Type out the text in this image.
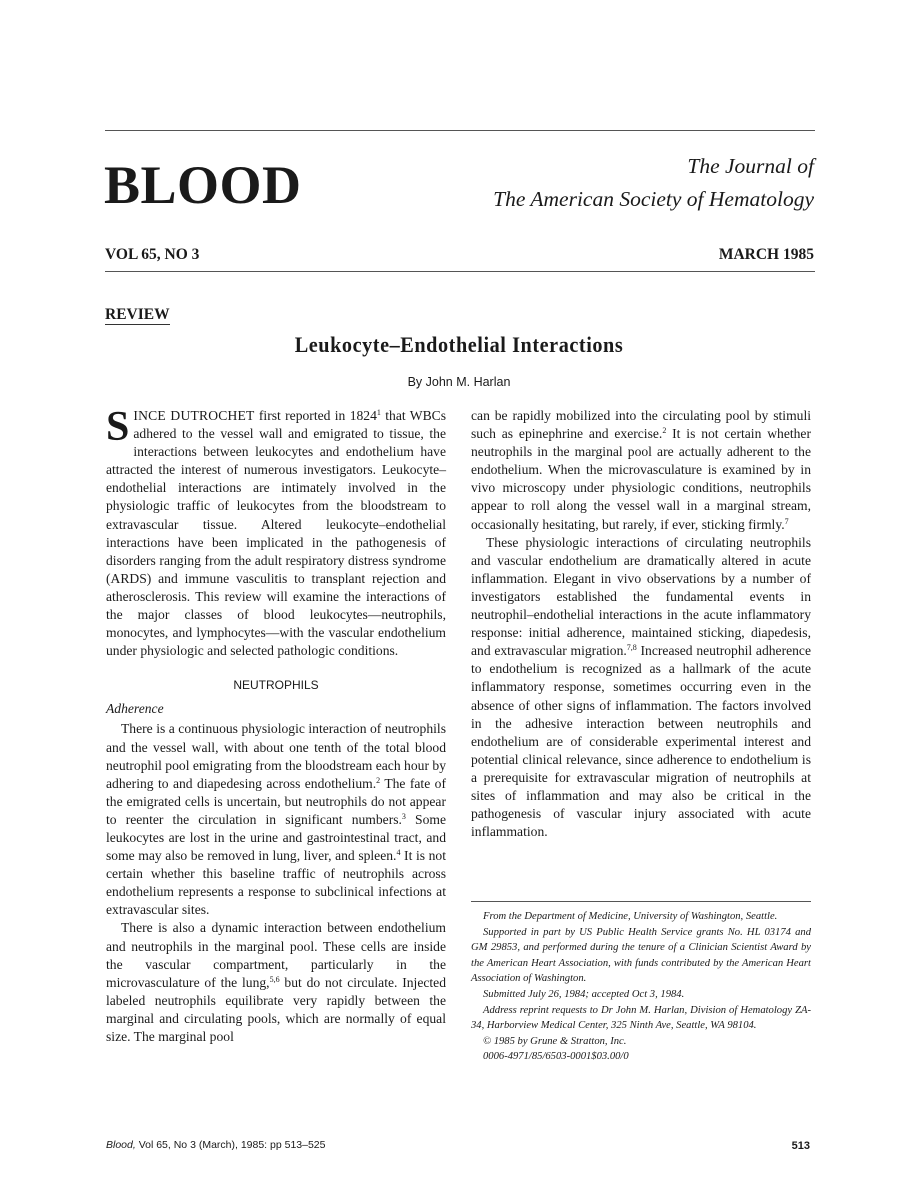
BLOOD	The Journal of
The American Society of Hematology
VOL 65, NO 3	MARCH 1985
REVIEW
Leukocyte–Endothelial Interactions
By John M. Harlan

SINCE DUTROCHET first reported in 1824$^1$ that WBCs adhered to the vessel wall and emigrated to tissue, the interactions between leukocytes and endothelium have attracted the interest of numerous investigators. Leukocyte–endothelial interactions are intimately involved in the physiologic traffic of leukocytes from the bloodstream to extravascular tissue. Altered leukocyte–endothelial interactions have been implicated in the pathogenesis of disorders ranging from the adult respiratory distress syndrome (ARDS) and immune vasculitis to transplant rejection and atherosclerosis. This review will examine the interactions of the major classes of blood leukocytes—neutrophils, monocytes, and lymphocytes—with the vascular endothelium under physiologic and selected pathologic conditions.

NEUTROPHILS

Adherence

There is a continuous physiologic interaction of neutrophils and the vessel wall, with about one tenth of the total blood neutrophil pool emigrating from the bloodstream each hour by adhering to and diapedesing across endothelium.$^2$ The fate of the emigrated cells is uncertain, but neutrophils do not appear to reenter the circulation in significant numbers.$^3$ Some leukocytes are lost in the urine and gastrointestinal tract, and some may also be removed in lung, liver, and spleen.$^4$ It is not certain whether this baseline traffic of neutrophils across endothelium represents a response to subclinical infections at extravascular sites.

There is also a dynamic interaction between endothelium and neutrophils in the marginal pool. These cells are inside the vascular compartment, particularly in the microvasculature of the lung,$^{5,6}$ but do not circulate. Injected labeled neutrophils equilibrate very rapidly between the marginal and circulating pools, which are normally of equal size. The marginal pool

can be rapidly mobilized into the circulating pool by stimuli such as epinephrine and exercise.$^2$ It is not certain whether neutrophils in the marginal pool are actually adherent to the endothelium. When the microvasculature is examined by in vivo microscopy under physiologic conditions, neutrophils appear to roll along the vessel wall in a marginal stream, occasionally hesitating, but rarely, if ever, sticking firmly.$^7$

These physiologic interactions of circulating neutrophils and vascular endothelium are dramatically altered in acute inflammation. Elegant in vivo observations by a number of investigators established the fundamental events in neutrophil–endothelial interactions in the acute inflammatory response: initial adherence, maintained sticking, diapedesis, and extravascular migration.$^{7,8}$ Increased neutrophil adherence to endothelium is recognized as a hallmark of the acute inflammatory response, sometimes occurring even in the absence of other signs of inflammation. The factors involved in the adhesive interaction between neutrophils and endothelium are of considerable experimental interest and potential clinical relevance, since adherence to endothelium is a prerequisite for extravascular migration of neutrophils at sites of inflammation and may also be critical in the pathogenesis of vascular injury associated with acute inflammation.

From the Department of Medicine, University of Washington, Seattle.

Supported in part by US Public Health Service grants No. HL 03174 and GM 29853, and performed during the tenure of a Clinician Scientist Award by the American Heart Association, with funds contributed by the American Heart Association of Washington.

Submitted July 26, 1984; accepted Oct 3, 1984.

Address reprint requests to Dr John M. Harlan, Division of Hematology ZA-34, Harborview Medical Center, 325 Ninth Ave, Seattle, WA 98104.

© 1985 by Grune & Stratton, Inc.

0006-4971/85/6503-0001$03.00/0

Blood, Vol 65, No 3 (March), 1985: pp 513–525	513
